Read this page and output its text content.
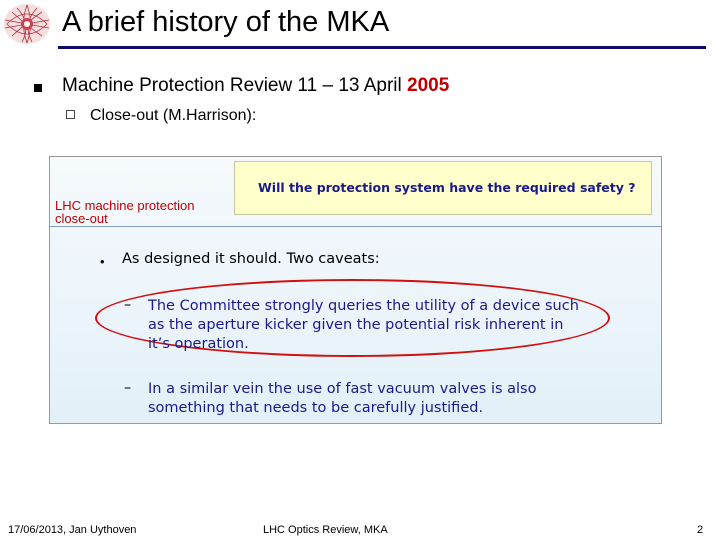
A brief history of the MKA
Machine Protection Review 11 – 13 April 2005
Close-out (M.Harrison):
LHC machine protection
close-out
Will the protection system have the required safety ?
• As designed it should. Two caveats:
– The Committee strongly queries the utility of a device such
as the aperture kicker given the potential risk inherent in
it’s operation.
– In a similar vein the use of fast vacuum valves is also
something that needs to be carefully justified.
17/06/2013, Jan Uythoven	LHC Optics Review, MKA	2
